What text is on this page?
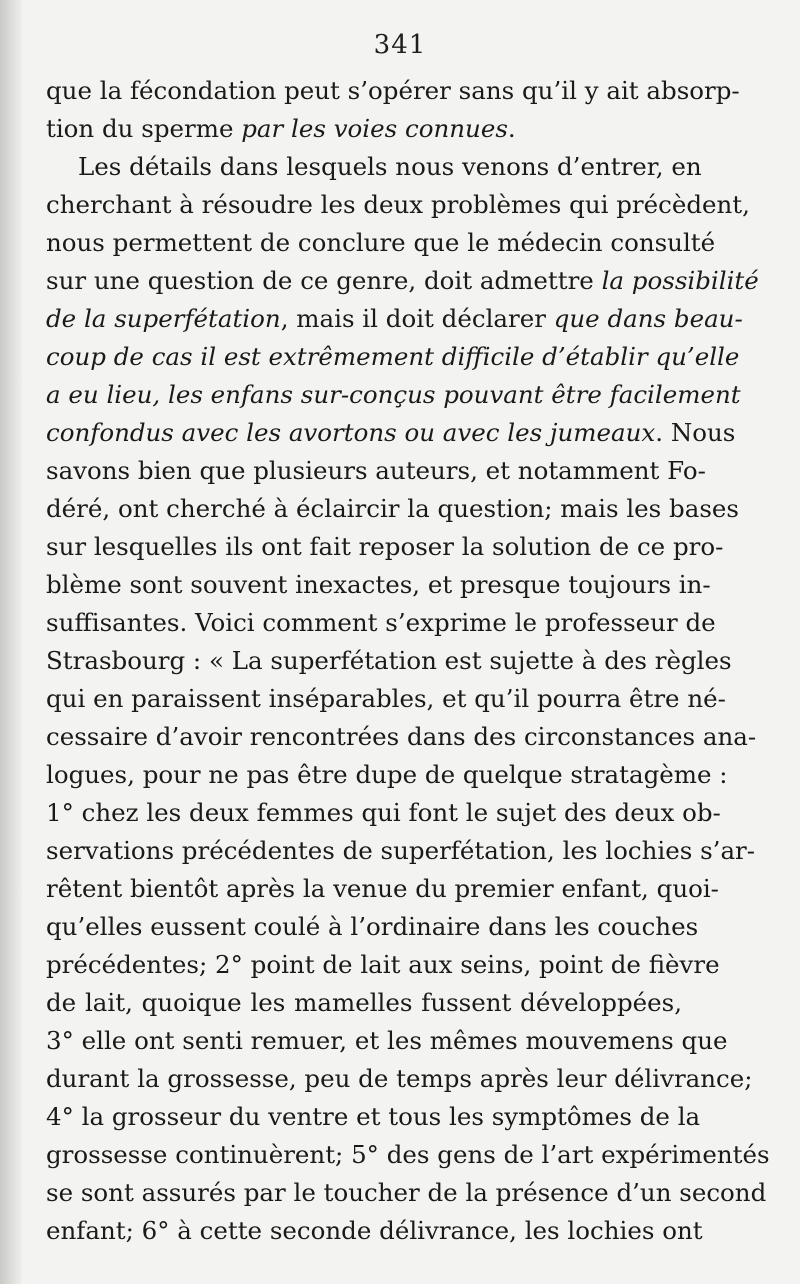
341
que la fécondation peut s’opérer sans qu’il y ait absorp-
tion du sperme par les voies connues.
Les détails dans lesquels nous venons d’entrer, en
cherchant à résoudre les deux problèmes qui précèdent,
nous permettent de conclure que le médecin consulté
sur une question de ce genre, doit admettre la possibilité
de la superfétation, mais il doit déclarer que dans beau-
coup de cas il est extrêmement difficile d’établir qu’elle
a eu lieu, les enfans sur-conçus pouvant être facilement
confondus avec les avortons ou avec les jumeaux. Nous
savons bien que plusieurs auteurs, et notamment Fo-
déré, ont cherché à éclaircir la question; mais les bases
sur lesquelles ils ont fait reposer la solution de ce pro-
blème sont souvent inexactes, et presque toujours in-
suffisantes. Voici comment s’exprime le professeur de
Strasbourg : « La superfétation est sujette à des règles
qui en paraissent inséparables, et qu’il pourra être né-
cessaire d’avoir rencontrées dans des circonstances ana-
logues, pour ne pas être dupe de quelque stratagème :
1° chez les deux femmes qui font le sujet des deux ob-
servations précédentes de superfétation, les lochies s’ar-
rêtent bientôt après la venue du premier enfant, quoi-
qu’elles eussent coulé à l’ordinaire dans les couches
précédentes; 2° point de lait aux seins, point de fièvre
de lait, quoique les mamelles fussent développées,
3° elle ont senti remuer, et les mêmes mouvemens que
durant la grossesse, peu de temps après leur délivrance;
4° la grosseur du ventre et tous les symptômes de la
grossesse continuèrent; 5° des gens de l’art expérimentés
se sont assurés par le toucher de la présence d’un second
enfant; 6° à cette seconde délivrance, les lochies ont
